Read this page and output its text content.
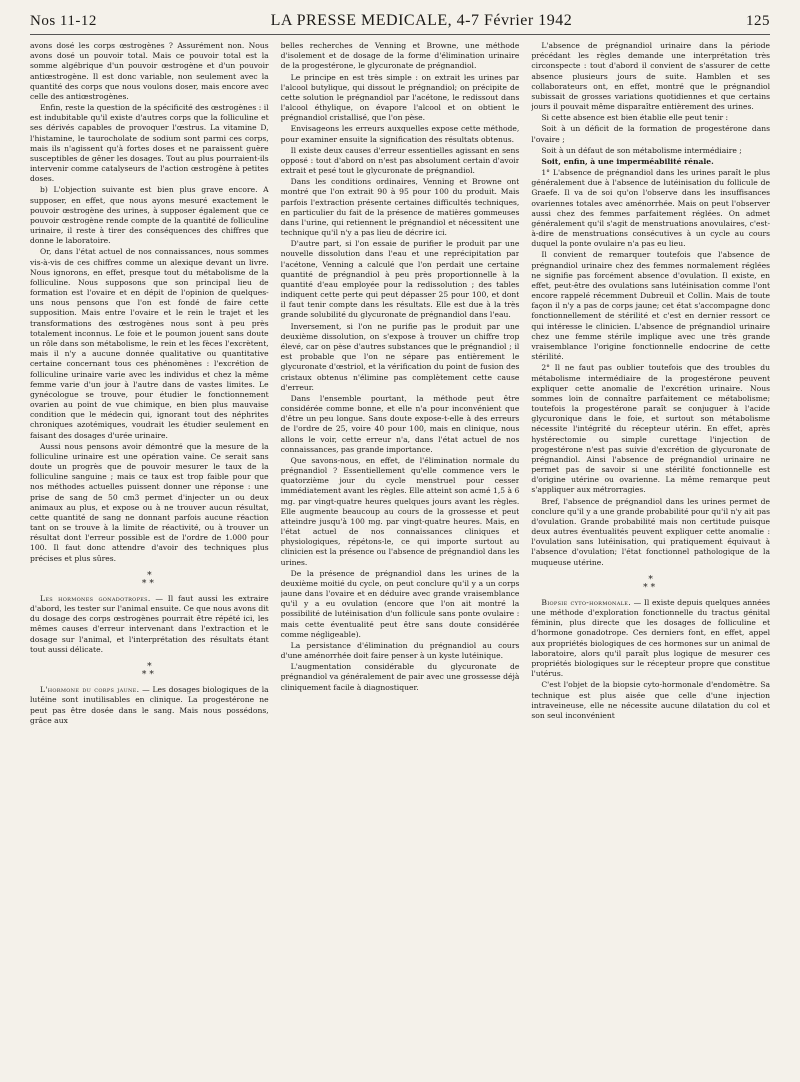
Nos 11-12	LA PRESSE MEDICALE, 4-7 Février 1942	125

avons dosé les corps œstrogènes ? Assurément non. Nous avons dosé un pouvoir total. Mais ce pouvoir total est la somme algébrique d'un pouvoir œstrogène et d'un pouvoir antiœstrogène. Il est donc variable, non seulement avec la quantité des corps que nous voulons doser, mais encore avec celle des antiœstrogènes.

Enfin, reste la question de la spécificité des œstrogènes : il est indubitable qu'il existe d'autres corps que la folliculine et ses dérivés capables de provoquer l'œstrus. La vitamine D, l'histamine, le taurocholate de sodium sont parmi ces corps, mais ils n'agissent qu'à fortes doses et ne paraissent guère susceptibles de gêner les dosages. Tout au plus pourraient-ils intervenir comme catalyseurs de l'action œstrogène à petites doses.

b) L'objection suivante est bien plus grave encore. A supposer, en effet, que nous ayons mesuré exactement le pouvoir œstrogène des urines, à supposer également que ce pouvoir œstrogène rende compte de la quantité de folliculine urinaire, il reste à tirer des conséquences des chiffres que donne le laboratoire.

Or, dans l'état actuel de nos connaissances, nous sommes vis-à-vis de ces chiffres comme un alexique devant un livre. Nous ignorons, en effet, presque tout du métabolisme de la folliculine. Nous supposons que son principal lieu de formation est l'ovaire et en dépit de l'opinion de quelques-uns nous pensons que l'on est fondé de faire cette supposition. Mais entre l'ovaire et le rein le trajet et les transformations des œstrogènes nous sont à peu près totalement inconnus. Le foie et le poumon jouent sans doute un rôle dans son métabolisme, le rein et les fèces l'excrètent, mais il n'y a aucune donnée qualitative ou quantitative certaine concernant tous ces phénomènes : l'excrétion de folliculine urinaire varie avec les individus et chez la même femme varie d'un jour à l'autre dans de vastes limites. Le gynécologue se trouve, pour étudier le fonctionnement ovarien au point de vue chimique, en bien plus mauvaise condition que le médecin qui, ignorant tout des néphrites chroniques azotémiques, voudrait les étudier seulement en faisant des dosages d'urée urinaire.

Aussi nous pensons avoir démontré que la mesure de la folliculine urinaire est une opération vaine. Ce serait sans doute un progrès que de pouvoir mesurer le taux de la folliculine sanguine ; mais ce taux est trop faible pour que nos méthodes actuelles puissent donner une réponse : une prise de sang de 50 cm3 permet d'injecter un ou deux animaux au plus, et expose ou à ne trouver aucun résultat, cette quantité de sang ne donnant parfois aucune réaction tant on se trouve à la limite de réactivité, ou à trouver un résultat dont l'erreur possible est de l'ordre de 1.000 pour 100. Il faut donc attendre d'avoir des techniques plus précises et plus sûres.

*
**

Les hormones gonadotropes. — Il faut aussi les extraire d'abord, les tester sur l'animal ensuite. Ce que nous avons dit du dosage des corps œstrogènes pourrait être répété ici, les mêmes causes d'erreur intervenant dans l'extraction et le dosage sur l'animal, et l'interprétation des résultats étant tout aussi délicate.

*
**

L'hormone du corps jaune. — Les dosages biologiques de la lutéine sont inutilisables en clinique. La progestérone ne peut pas être dosée dans le sang. Mais nous possédons, grâce aux

belles recherches de Venning et Browne, une méthode d'isolement et de dosage de la forme d'élimination urinaire de la progestérone, le glycuronate de prégnandiol.

Le principe en est très simple : on extrait les urines par l'alcool butylique, qui dissout le prégnandiol; on précipite de cette solution le prégnandiol par l'acétone, le redissout dans l'alcool éthylique, on évapore l'alcool et on obtient le prégnandiol cristallisé, que l'on pèse.

Envisageons les erreurs auxquelles expose cette méthode, pour examiner ensuite la signification des résultats obtenus.

Il existe deux causes d'erreur essentielles agissant en sens opposé : tout d'abord on n'est pas absolument certain d'avoir extrait et pesé tout le glycuronate de prégnandiol.

Dans les conditions ordinaires, Venning et Browne ont montré que l'on extrait 90 à 95 pour 100 du produit. Mais parfois l'extraction présente certaines difficultés techniques, en particulier du fait de la présence de matières gommeuses dans l'urine, qui retiennent le prégnandiol et nécessitent une technique qu'il n'y a pas lieu de décrire ici.

D'autre part, si l'on essaie de purifier le produit par une nouvelle dissolution dans l'eau et une reprécipitation par l'acétone, Venning a calculé que l'on perdait une certaine quantité de prégnandiol à peu près proportionnelle à la quantité d'eau employée pour la redissolution ; des tables indiquent cette perte qui peut dépasser 25 pour 100, et dont il faut tenir compte dans les résultats. Elle est due à la très grande solubilité du glycuronate de prégnandiol dans l'eau.

Inversement, si l'on ne purifie pas le produit par une deuxième dissolution, on s'expose à trouver un chiffre trop élevé, car on pèse d'autres substances que le prégnandiol ; il est probable que l'on ne sépare pas entièrement le glycuronate d'œstriol, et la vérification du point de fusion des cristaux obtenus n'élimine pas complètement cette cause d'erreur.

Dans l'ensemble pourtant, la méthode peut être considérée comme bonne, et elle n'a pour inconvénient que d'être un peu longue. Sans doute expose-t-elle à des erreurs de l'ordre de 25, voire 40 pour 100, mais en clinique, nous allons le voir, cette erreur n'a, dans l'état actuel de nos connaissances, pas grande importance.

Que savons-nous, en effet, de l'élimination normale du prégnandiol ? Essentiellement qu'elle commence vers le quatorzième jour du cycle menstruel pour cesser immédiatement avant les règles. Elle atteint son acmé 1,5 à 6 mg. par vingt-quatre heures quelques jours avant les règles. Elle augmente beaucoup au cours de la grossesse et peut atteindre jusqu'à 100 mg. par vingt-quatre heures. Mais, en l'état actuel de nos connaissances cliniques et physiologiques, répétons-le, ce qui importe surtout au clinicien est la présence ou l'absence de prégnandiol dans les urines.

De la présence de prégnandiol dans les urines de la deuxième moitié du cycle, on peut conclure qu'il y a un corps jaune dans l'ovaire et en déduire avec grande vraisemblance qu'il y a eu ovulation (encore que l'on ait montré la possibilité de lutéinisation d'un follicule sans ponte ovulaire : mais cette éventualité peut être sans doute considérée comme négligeable).

La persistance d'élimination du prégnandiol au cours d'une aménorrhée doit faire penser à un kyste lutéinique.

L'augmentation considérable du glycuronate de prégnandiol va généralement de pair avec une grossesse déjà cliniquement facile à diagnostiquer.

L'absence de prégnandiol urinaire dans la période précédant les règles demande une interprétation très circonspecte : tout d'abord il convient de s'assurer de cette absence plusieurs jours de suite. Hamblen et ses collaborateurs ont, en effet, montré que le prégnandiol subissait de grosses variations quotidiennes et que certains jours il pouvait même disparaître entièrement des urines.

Si cette absence est bien établie elle peut tenir :

Soit à un déficit de la formation de progestérone dans l'ovaire ;

Soit à un défaut de son métabolisme intermédiaire ;

Soit, enfin, à une imperméabilité rénale.

1° L'absence de prégnandiol dans les urines paraît le plus généralement due à l'absence de lutéinisation du follicule de Graefe. Il va de soi qu'on l'observe dans les insuffisances ovariennes totales avec aménorrhée. Mais on peut l'observer aussi chez des femmes parfaitement réglées. On admet généralement qu'il s'agit de menstruations anovulaires, c'est-à-dire de menstruations consécutives à un cycle au cours duquel la ponte ovulaire n'a pas eu lieu.

Il convient de remarquer toutefois que l'absence de prégnandiol urinaire chez des femmes normalement réglées ne signifie pas forcément absence d'ovulation. Il existe, en effet, peut-être des ovulations sans lutéinisation comme l'ont encore rappelé récemment Dubreuil et Collin. Mais de toute façon il n'y a pas de corps jaune; cet état s'accompagne donc fonctionnellement de stérilité et c'est en dernier ressort ce qui intéresse le clinicien. L'absence de prégnandiol urinaire chez une femme stérile implique avec une très grande vraisemblance l'origine fonctionnelle endocrine de cette stérilité.

2° Il ne faut pas oublier toutefois que des troubles du métabolisme intermédiaire de la progestérone peuvent expliquer cette anomalie de l'excrétion urinaire. Nous sommes loin de connaître parfaitement ce métabolisme; toutefois la progestérone paraît se conjuguer à l'acide glycuronique dans le foie, et surtout son métabolisme nécessite l'intégrité du récepteur utérin. En effet, après hystérectomie ou simple curettage l'injection de progestérone n'est pas suivie d'excrétion de glycuronate de prégnandiol. Ainsi l'absence de prégnandiol urinaire ne permet pas de savoir si une stérilité fonctionnelle est d'origine utérine ou ovarienne. La même remarque peut s'appliquer aux métrorragies.

Bref, l'absence de prégnandiol dans les urines permet de conclure qu'il y a une grande probabilité pour qu'il n'y ait pas d'ovulation. Grande probabilité mais non certitude puisque deux autres éventualités peuvent expliquer cette anomalie : l'ovulation sans lutéinisation, qui pratiquement équivaut à l'absence d'ovulation; l'état fonctionnel pathologique de la muqueuse utérine.

*
**

Biopsie cyto-hormonale. — Il existe depuis quelques années une méthode d'exploration fonctionnelle du tractus génital féminin, plus directe que les dosages de folliculine et d'hormone gonadotrope. Ces derniers font, en effet, appel aux propriétés biologiques de ces hormones sur un animal de laboratoire, alors qu'il paraît plus logique de mesurer ces propriétés biologiques sur le récepteur propre que constitue l'utérus.

C'est l'objet de la biopsie cyto-hormonale d'endomètre. Sa technique est plus aisée que celle d'une injection intraveineuse, elle ne nécessite aucune dilatation du col et son seul inconvénient
